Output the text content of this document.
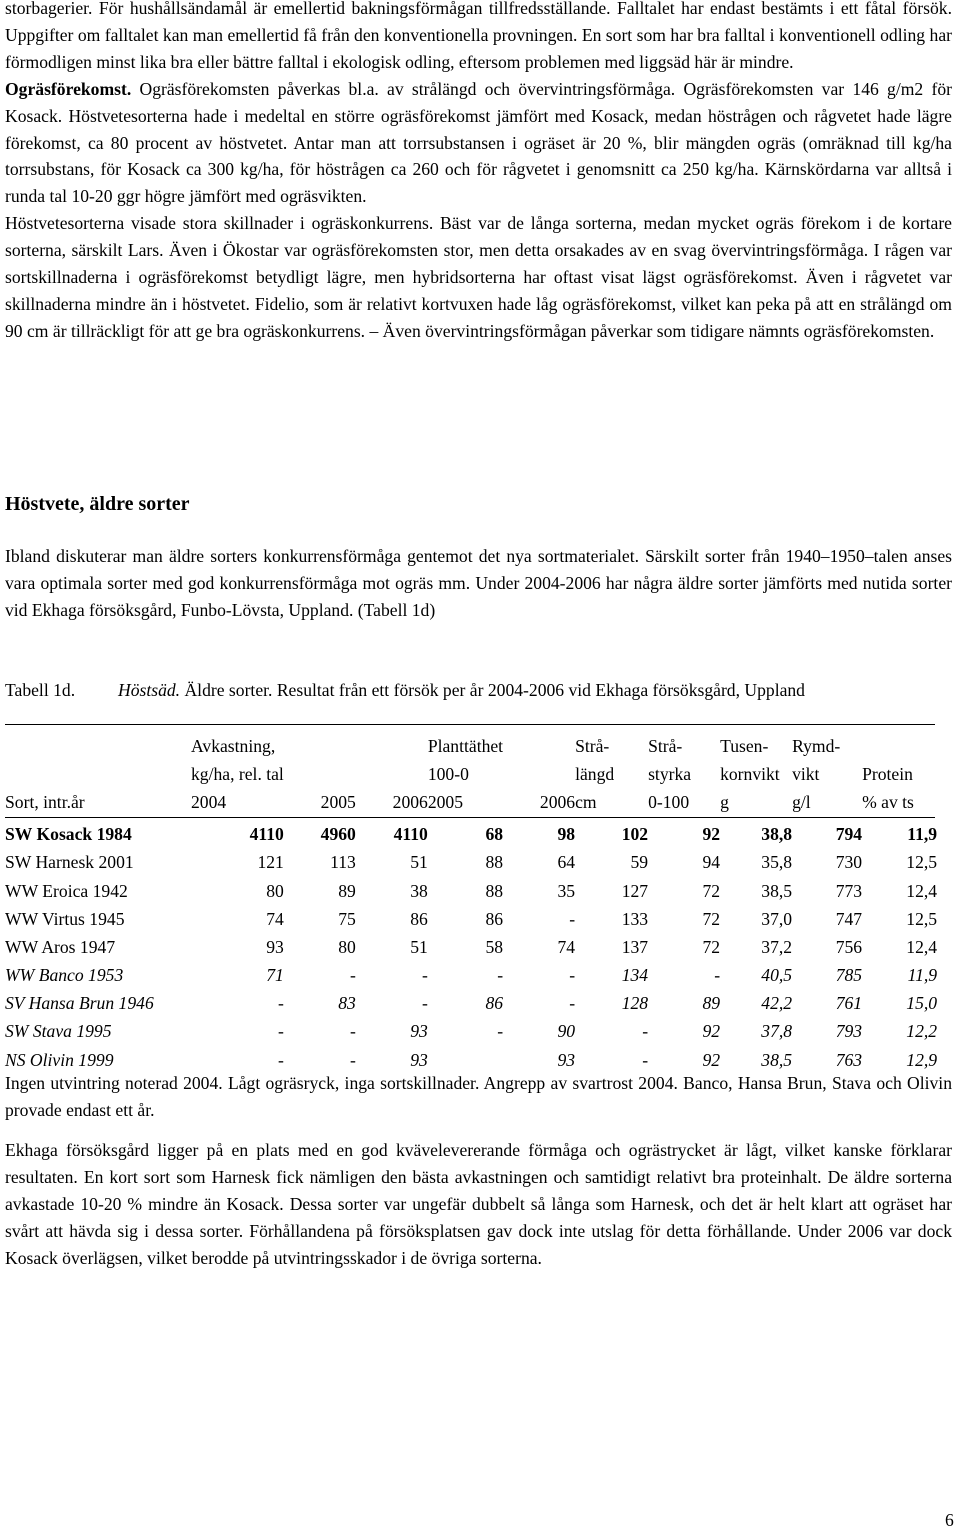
storbagerier. För hushållsändamål är emellertid bakningsförmågan tillfredsställande. Falltalet har endast bestämts i ett fåtal försök. Uppgifter om falltalet kan man emellertid få från den konventionella provningen. En sort som har bra falltal i konventionell odling har förmodligen minst lika bra eller bättre falltal i ekologisk odling, eftersom problemen med liggsäd här är mindre.
Ogräsförekomst. Ogräsförekomsten påverkas bl.a. av strålängd och övervintringsförmåga. Ogräsförekomsten var 146 g/m2 för Kosack. Höstvetesorterna hade i medeltal en större ogräsförekomst jämfört med Kosack, medan höstrågen och rågvetet hade lägre förekomst, ca 80 procent av höstvetet. Antar man att torrsubstansen i ogräset är 20 %, blir mängden ogräs (omräknad till kg/ha torrsubstans, för Kosack ca 300 kg/ha, för höstrågen ca 260 och för rågvetet i genomsnitt ca 250 kg/ha. Kärnskördarna var alltså i runda tal 10-20 ggr högre jämfört med ogräsvikten.
Höstvetesorterna visade stora skillnader i ogräskonkurrens. Bäst var de långa sorterna, medan mycket ogräs förekom i de kortare sorterna, särskilt Lars. Även i Ökostar var ogräsförekomsten stor, men detta orsakades av en svag övervintringsförmåga. I rågen var sortskillnaderna i ogräsförekomst betydligt lägre, men hybridsorterna har oftast visat lägst ogräsförekomst. Även i rågvetet var skillnaderna mindre än i höstvetet. Fidelio, som är relativt kortvuxen hade låg ogräsförekomst, vilket kan peka på att en strålängd om 90 cm är tillräckligt för att ge bra ogräskonkurrens. – Även övervintringsförmågan påverkar som tidigare nämnts ogräsförekomsten.

Höstvete, äldre sorter

Ibland diskuterar man äldre sorters konkurrensförmåga gentemot det nya sortmaterialet. Särskilt sorter från 1940–1950–talen anses vara optimala sorter med god konkurrensförmåga mot ogräs mm. Under 2004-2006 har några äldre sorter jämförts med nutida sorter vid Ekhaga försöksgård, Funbo-Lövsta, Uppland. (Tabell 1d)

Tabell 1d. Höstsäd. Äldre sorter. Resultat från ett försök per år 2004-2006 vid Ekhaga försöksgård, Uppland
	Avkastning,			Planttäthet		Strå-	Strå-	Tusen-	Rymd-	
	kg/ha, rel. tal			100-0		längd	styrka	kornvikt	vikt	Protein
Sort, intr.år	2004	2005	2006	2005	2006	cm	0-100	g	g/l	% av ts

SW Kosack 1984	4110	4960	4110	68	98	102	92	38,8	794	11,9
SW Harnesk 2001	121	113	51	88	64	59	94	35,8	730	12,5
WW Eroica 1942	80	89	38	88	35	127	72	38,5	773	12,4
WW Virtus 1945	74	75	86	86	-	133	72	37,0	747	12,5
WW Aros 1947	93	80	51	58	74	137	72	37,2	756	12,4
WW Banco 1953	71	-	-	-	-	134	-	40,5	785	11,9
SV Hansa Brun 1946	-	83	-	86	-	128	89	42,2	761	15,0
SW Stava 1995	-	-	93	-	90	-	92	37,8	793	12,2
NS Olivin 1999	-	-	93		93	-	92	38,5	763	12,9

Ingen utvintring noterad 2004. Lågt ogräsryck, inga sortskillnader. Angrepp av svartrost 2004. Banco, Hansa Brun, Stava och Olivin provade endast ett år.

Ekhaga försöksgård ligger på en plats med en god kvävelevererande förmåga och ogrästrycket är lågt, vilket kanske förklarar resultaten. En kort sort som Harnesk fick nämligen den bästa avkastningen och samtidigt relativt bra proteinhalt. De äldre sorterna avkastade 10-20 % mindre än Kosack. Dessa sorter var ungefär dubbelt så långa som Harnesk, och det är helt klart att ogräset har svårt att hävda sig i dessa sorter. Förhållandena på försöksplatsen gav dock inte utslag för detta förhållande. Under 2006 var dock Kosack överlägsen, vilket berodde på utvintringsskador i de övriga sorterna.

6
